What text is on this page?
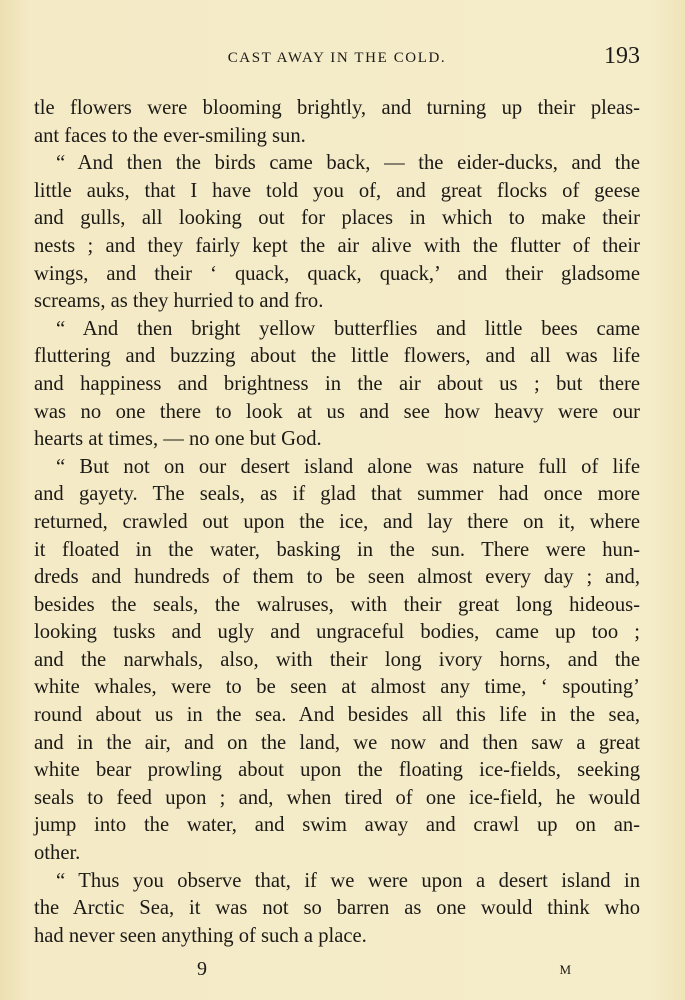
CAST AWAY IN THE COLD.	193
tle flowers were blooming brightly, and turning up their pleas-
ant faces to the ever-smiling sun.
“ And then the birds came back, — the eider-ducks, and the
little auks, that I have told you of, and great flocks of geese
and gulls, all looking out for places in which to make their
nests ; and they fairly kept the air alive with the flutter of their
wings, and their ‘ quack, quack, quack,’ and their gladsome
screams, as they hurried to and fro.
“ And then bright yellow butterflies and little bees came
fluttering and buzzing about the little flowers, and all was life
and happiness and brightness in the air about us ; but there
was no one there to look at us and see how heavy were our
hearts at times, — no one but God.
“ But not on our desert island alone was nature full of life
and gayety. The seals, as if glad that summer had once more
returned, crawled out upon the ice, and lay there on it, where
it floated in the water, basking in the sun. There were hun-
dreds and hundreds of them to be seen almost every day ; and,
besides the seals, the walruses, with their great long hideous-
looking tusks and ugly and ungraceful bodies, came up too ;
and the narwhals, also, with their long ivory horns, and the
white whales, were to be seen at almost any time, ‘ spouting’
round about us in the sea. And besides all this life in the sea,
and in the air, and on the land, we now and then saw a great
white bear prowling about upon the floating ice-fields, seeking
seals to feed upon ; and, when tired of one ice-field, he would
jump into the water, and swim away and crawl up on an-
other.
“ Thus you observe that, if we were upon a desert island in
the Arctic Sea, it was not so barren as one would think who
had never seen anything of such a place.
9	M
